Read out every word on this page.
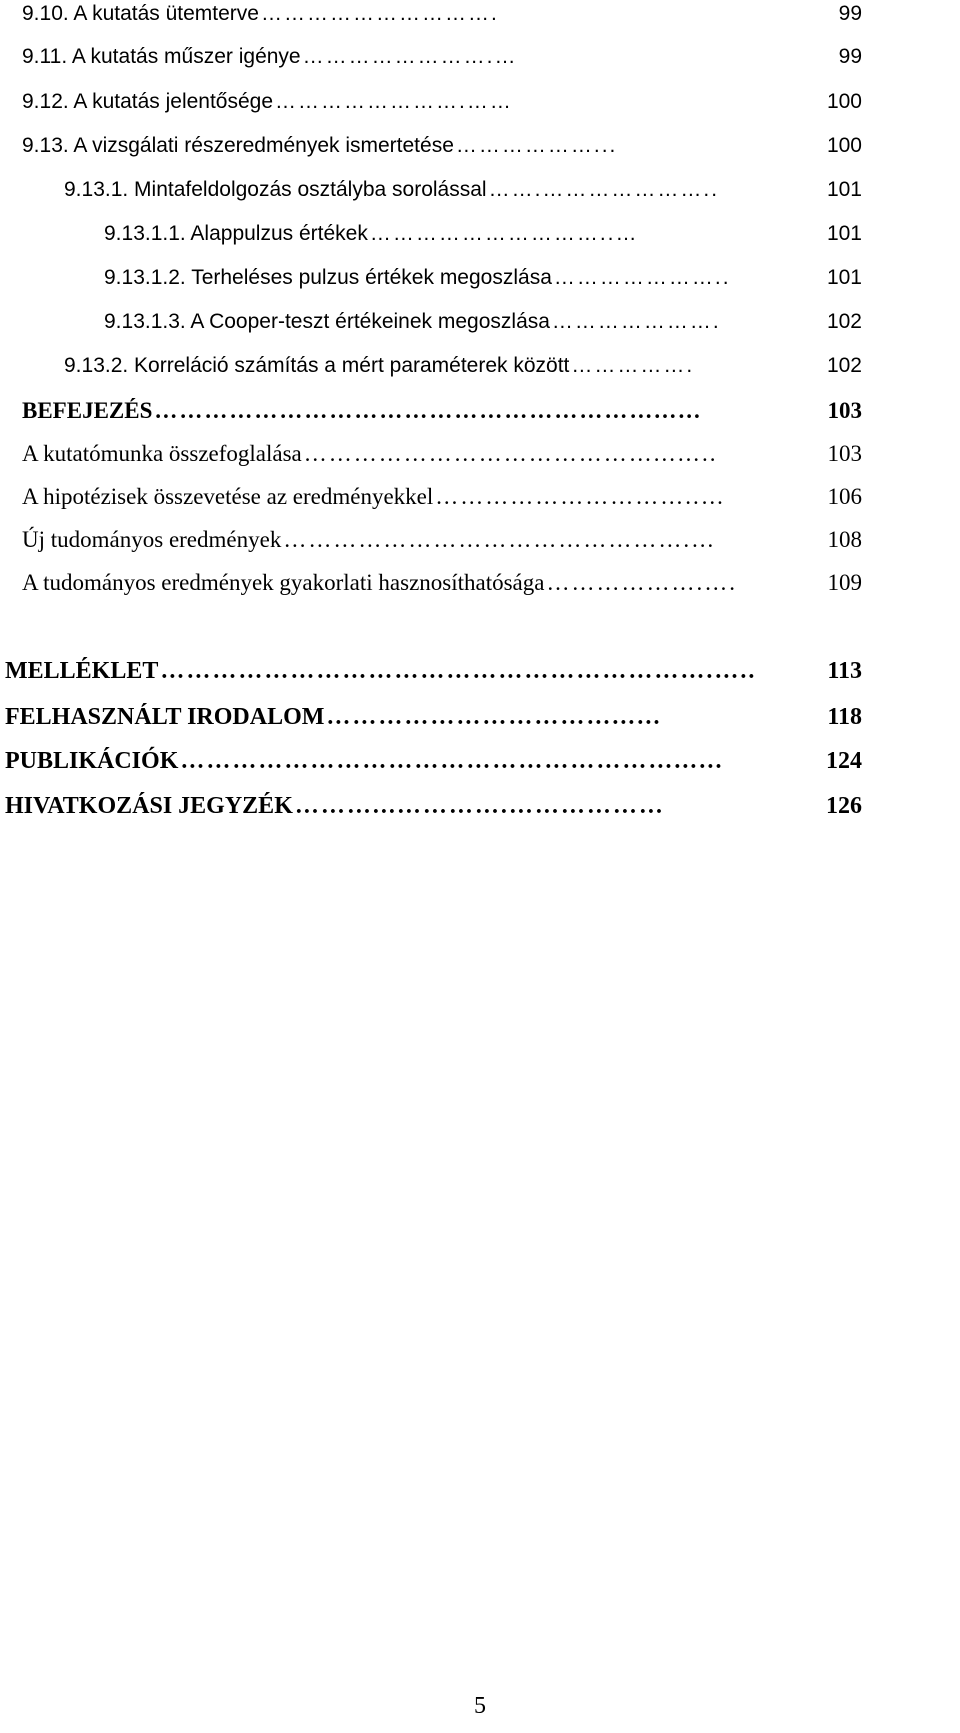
9.10. A kutatás ütemterve ………………………….	99
9.11. A kutatás műszer igénye …………………….…	99
9.12. A kutatás jelentősége …………………….……	100
9.13. A vizsgálati részeredmények ismertetése ………………...	100
9.13.1. Mintafeldolgozás osztályba sorolással …….…………………..	101
9.13.1.1. Alappulzus értékek …………………………..…	101
9.13.1.2. Terheléses pulzus értékek megoszlása …………………..	101
9.13.1.3. A Cooper-teszt értékeinek megoszlása ………………….	102
9.13.2. Korreláció számítás a mért paraméterek között …………….	102
BEFEJEZÉS ……………………………………………………...…	103
A kutatómunka összefoglalása ……………………………………...…..	103
A hipotézisek összevetése az eredményekkel …………………………..…	106
Új tudományos eredmények ………………………………………….…	108
A tudományos eredmények gyakorlati hasznosíthatósága ……………….….	109
MELLÉKLET ……………………………………………………….…..	113
FELHASZNÁLT IRODALOM ……………………………...…	118
PUBLIKÁCIÓK …………………………………………………...…	124
HIVATKOZÁSI JEGYZÉK ………...………….………………	126
5
